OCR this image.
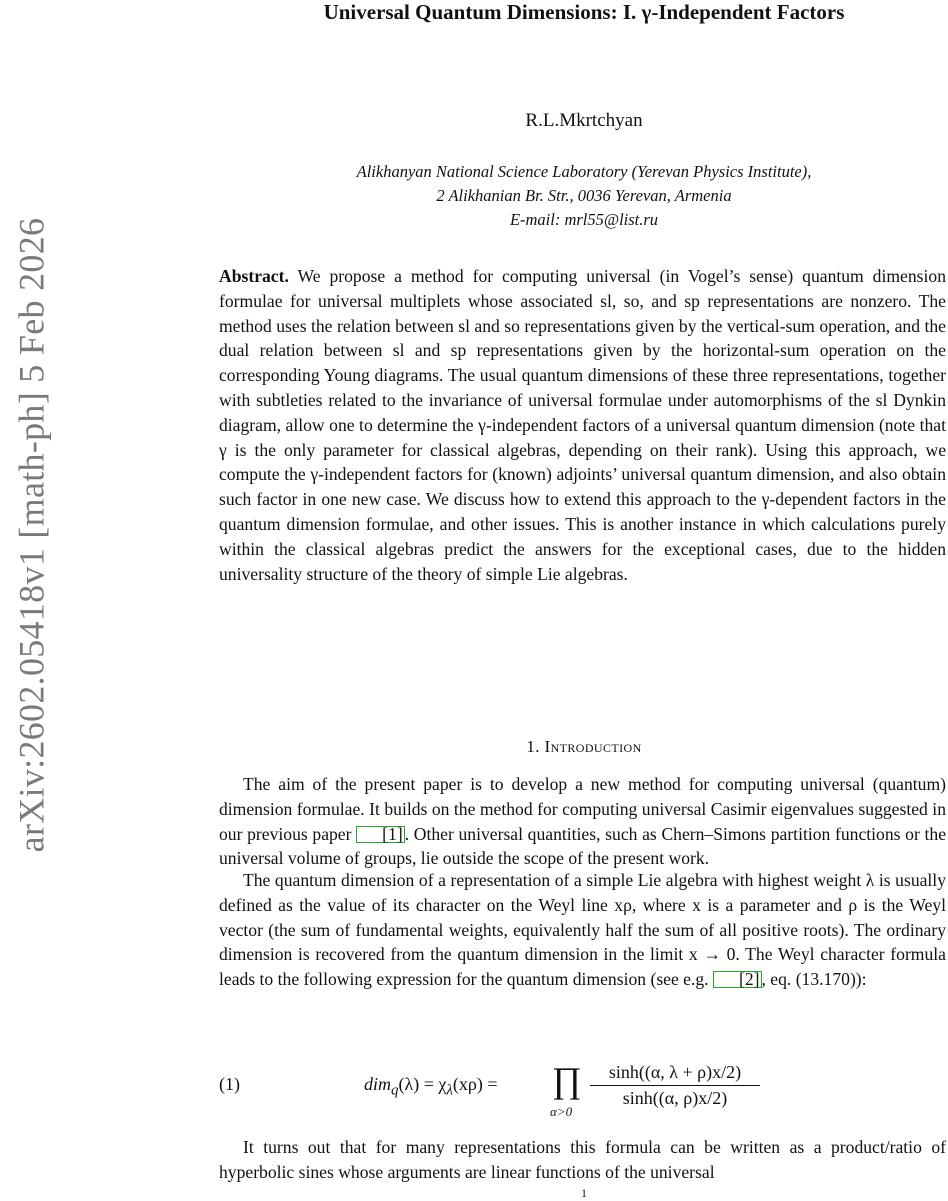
arXiv:2602.05418v1 [math-ph] 5 Feb 2026
Universal Quantum Dimensions: I. γ-Independent Factors
R.L.Mkrtchyan
Alikhanyan National Science Laboratory (Yerevan Physics Institute),
2 Alikhanian Br. Str., 0036 Yerevan, Armenia
E-mail: mrl55@list.ru
Abstract. We propose a method for computing universal (in Vogel’s sense) quantum dimension formulae for universal multiplets whose associated sl, so, and sp representations are nonzero. The method uses the relation between sl and so representations given by the vertical-sum operation, and the dual relation between sl and sp representations given by the horizontal-sum operation on the corresponding Young diagrams. The usual quantum dimensions of these three representations, together with subtleties related to the invariance of universal formulae under automorphisms of the sl Dynkin diagram, allow one to determine the γ-independent factors of a universal quantum dimension (note that γ is the only parameter for classical algebras, depending on their rank). Using this approach, we compute the γ-independent factors for (known) adjoints’ universal quantum dimension, and also obtain such factor in one new case. We discuss how to extend this approach to the γ-dependent factors in the quantum dimension formulae, and other issues. This is another instance in which calculations purely within the classical algebras predict the answers for the exceptional cases, due to the hidden universality structure of the theory of simple Lie algebras.
1. Introduction
The aim of the present paper is to develop a new method for computing universal (quantum) dimension formulae. It builds on the method for computing universal Casimir eigenvalues suggested in our previous paper [1] . Other universal quantities, such as Chern–Simons partition functions or the universal volume of groups, lie outside the scope of the present work.
The quantum dimension of a representation of a simple Lie algebra with highest weight λ is usually defined as the value of its character on the Weyl line xρ, where x is a parameter and ρ is the Weyl vector (the sum of fundamental weights, equivalently half the sum of all positive roots). The ordinary dimension is recovered from the quantum dimension in the limit x → 0. The Weyl character formula leads to the following expression for the quantum dimension (see e.g. [2] , eq. (13.170)):
(1)	$dim_q(\lambda) = \chi_\lambda(x\rho)$ = ∏
α>0
$\frac{\sinh((\alpha, \lambda + \rho)x/2)}{\sinh((\alpha, \rho)x/2)}$
It turns out that for many representations this formula can be written as a product/ratio of hyperbolic sines whose arguments are linear functions of the universal
1
